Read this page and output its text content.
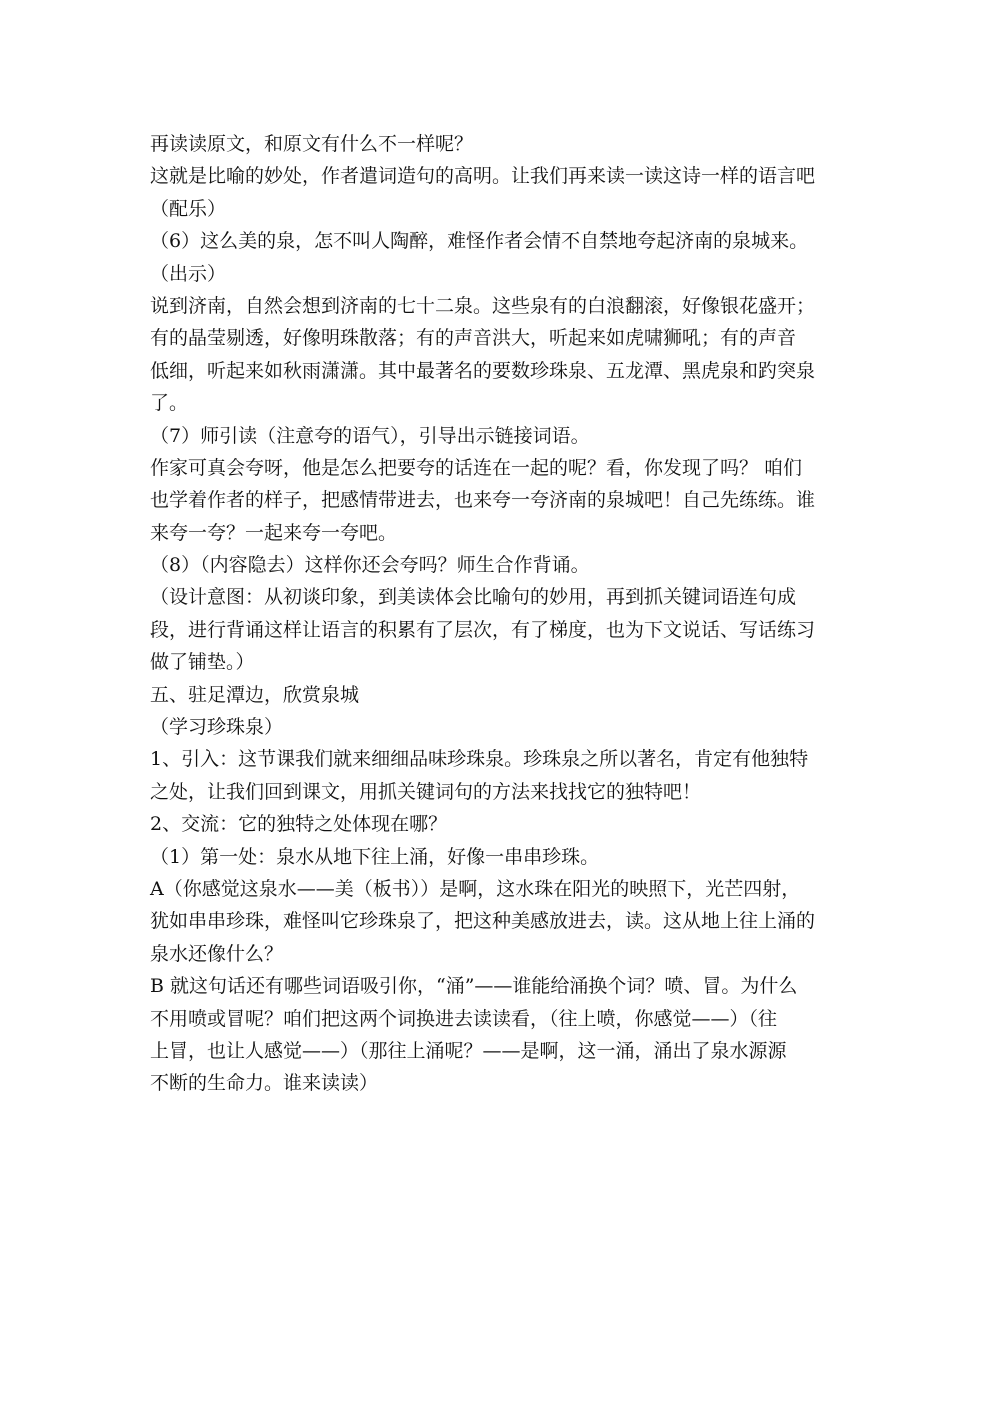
再读读原文，和原文有什么不一样呢？
这就是比喻的妙处，作者遣词造句的高明。让我们再来读一读这诗一样的语言吧
（配乐）
（6）这么美的泉，怎不叫人陶醉，难怪作者会情不自禁地夸起济南的泉城来。
（出示）
说到济南，自然会想到济南的七十二泉。这些泉有的白浪翻滚，好像银花盛开；
有的晶莹剔透，好像明珠散落；有的声音洪大，听起来如虎啸狮吼；有的声音
低细，听起来如秋雨潇潇。其中最著名的要数珍珠泉、五龙潭、黑虎泉和趵突泉
了。
（7）师引读（注意夸的语气），引导出示链接词语。
作家可真会夸呀，他是怎么把要夸的话连在一起的呢？看，你发现了吗？ 咱们
也学着作者的样子，把感情带进去，也来夸一夸济南的泉城吧！自己先练练。谁
来夸一夸？一起来夸一夸吧。
（8）（内容隐去）这样你还会夸吗？师生合作背诵。
（设计意图：从初谈印象，到美读体会比喻句的妙用，再到抓关键词语连句成
段，进行背诵这样让语言的积累有了层次，有了梯度，也为下文说话、写话练习
做了铺垫。）
五、驻足潭边，欣赏泉城
（学习珍珠泉）
1、引入：这节课我们就来细细品味珍珠泉。珍珠泉之所以著名，肯定有他独特
之处，让我们回到课文，用抓关键词句的方法来找找它的独特吧！
2、交流：它的独特之处体现在哪？
（1）第一处：泉水从地下往上涌，好像一串串珍珠。
A（你感觉这泉水——美（板书））是啊，这水珠在阳光的映照下，光芒四射，
犹如串串珍珠，难怪叫它珍珠泉了，把这种美感放进去，读。这从地上往上涌的
泉水还像什么？
B 就这句话还有哪些词语吸引你，“涌”——谁能给涌换个词？喷、冒。为什么
不用喷或冒呢？咱们把这两个词换进去读读看，（往上喷，你感觉——）（往
上冒，也让人感觉——）（那往上涌呢？——是啊，这一涌，涌出了泉水源源
不断的生命力。谁来读读）
